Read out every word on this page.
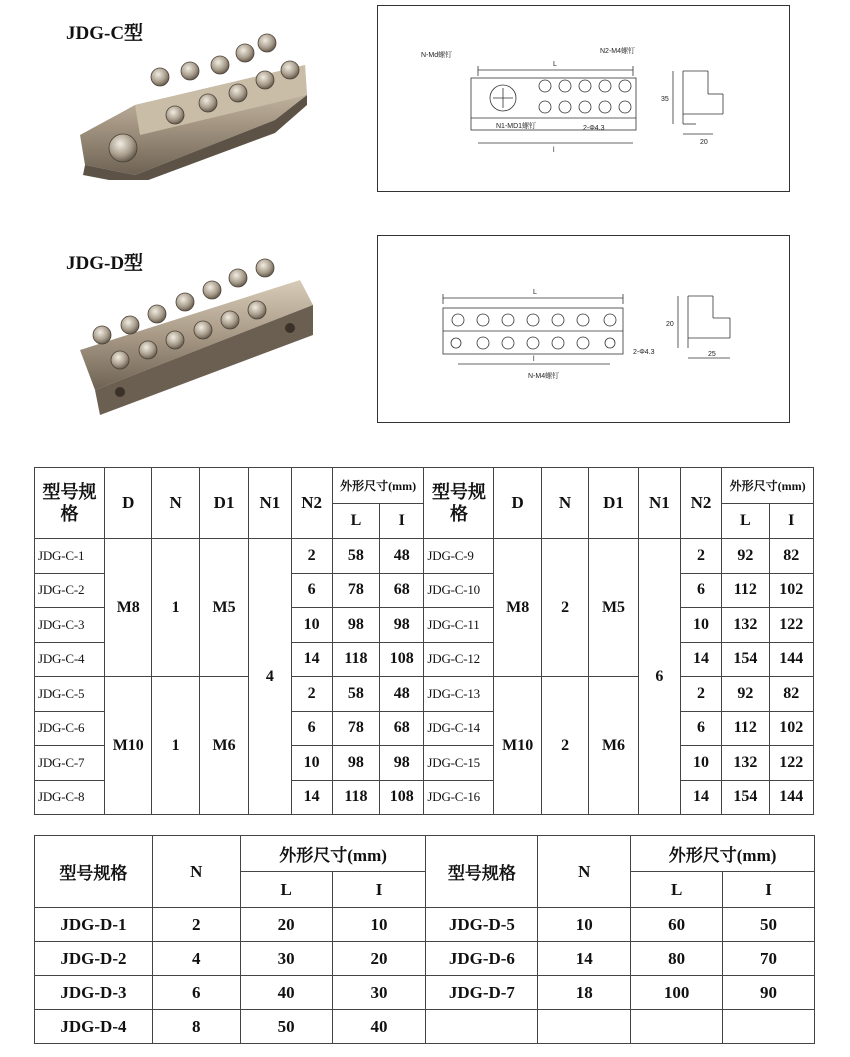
JDG-C型
JDG-D型
N-Md螺钉
N2-M4螺钉
N1-MD1螺钉	2-Φ4.3
L
l
35
20
L
l
2-Φ4.3
N-M4螺钉
20
25
型号规格	D	N	D1	N1	N2	外形尺寸(mm)		型号规格	D	N	D1	N1	N2	外形尺寸(mm)	
						L	I							L	I
JDG-C-1	M8	1	M5	4	2	58	48	JDG-C-9	M8	2	M5	6	2	92	82
JDG-C-2					6	78	68	JDG-C-10					6	112	102
JDG-C-3					10	98	98	JDG-C-11					10	132	122
JDG-C-4					14	118	108	JDG-C-12					14	154	144
JDG-C-5	M10	1	M6		2	58	48	JDG-C-13	M10	2	M6		2	92	82
JDG-C-6					6	78	68	JDG-C-14					6	112	102
JDG-C-7					10	98	98	JDG-C-15					10	132	122
JDG-C-8					14	118	108	JDG-C-16					14	154	144
型号规格	N	外形尺寸(mm)		型号规格	N	外形尺寸(mm)	
		L	I			L	I
JDG-D-1	2	20	10	JDG-D-5	10	60	50
JDG-D-2	4	30	20	JDG-D-6	14	80	70
JDG-D-3	6	40	30	JDG-D-7	18	100	90
JDG-D-4	8	50	40				
